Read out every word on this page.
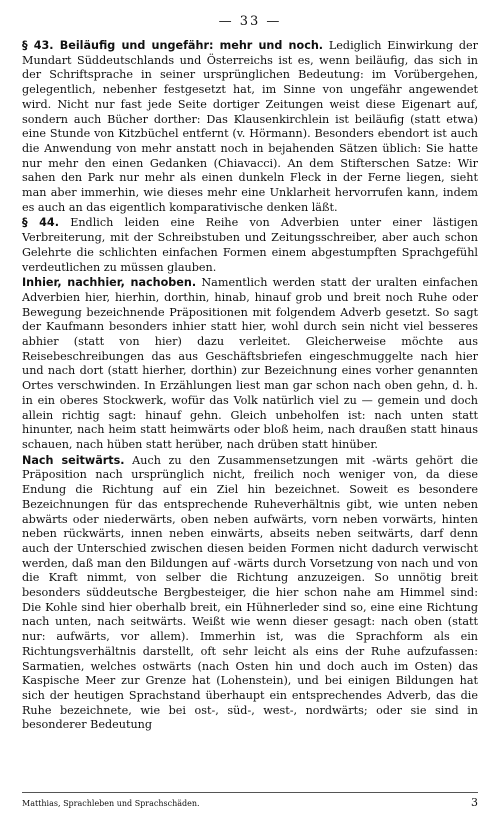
— 33 —

§ 43. Beiläufig und ungefähr: mehr und noch. Lediglich Einwirkung der Mundart Süddeutschlands und Österreichs ist es, wenn beiläufig, das sich in der Schriftsprache in seiner ursprünglichen Bedeutung: im Vorübergehen, gelegentlich, nebenher festgesetzt hat, im Sinne von ungefähr angewendet wird. Nicht nur fast jede Seite dortiger Zeitungen weist diese Eigenart auf, sondern auch Bücher dorther: Das Klausenkirchlein ist beiläufig (statt etwa) eine Stunde von Kitzbüchel entfernt (v. Hörmann). Besonders ebendort ist auch die Anwendung von mehr anstatt noch in bejahenden Sätzen üblich: Sie hatte nur mehr den einen Gedanken (Chiavacci). An dem Stifterschen Satze: Wir sahen den Park nur mehr als einen dunkeln Fleck in der Ferne liegen, sieht man aber immerhin, wie dieses mehr eine Unklarheit hervorrufen kann, indem es auch an das eigentlich komparativische denken läßt.

§ 44. Endlich leiden eine Reihe von Adverbien unter einer lästigen Verbreiterung, mit der Schreibstuben und Zeitungsschreiber, aber auch schon Gelehrte die schlichten einfachen Formen einem abgestumpften Sprachgefühl verdeutlichen zu müssen glauben.

Inhier, nachhier, nachoben. Namentlich werden statt der uralten einfachen Adverbien hier, hierhin, dorthin, hinab, hinauf grob und breit noch Ruhe oder Bewegung bezeichnende Präpositionen mit folgendem Adverb gesetzt. So sagt der Kaufmann besonders inhier statt hier, wohl durch sein nicht viel besseres abhier (statt von hier) dazu verleitet. Gleicherweise möchte aus Reisebeschreibungen das aus Geschäftsbriefen eingeschmuggelte nach hier und nach dort (statt hierher, dorthin) zur Bezeichnung eines vorher genannten Ortes verschwinden. In Erzählungen liest man gar schon nach oben gehn, d. h. in ein oberes Stockwerk, wofür das Volk natürlich viel zu — gemein und doch allein richtig sagt: hinauf gehn. Gleich unbeholfen ist: nach unten statt hinunter, nach heim statt heimwärts oder bloß heim, nach draußen statt hinaus schauen, nach hüben statt herüber, nach drüben statt hinüber.

Nach seitwärts. Auch zu den Zusammensetzungen mit -wärts gehört die Präposition nach ursprünglich nicht, freilich noch weniger von, da diese Endung die Richtung auf ein Ziel hin bezeichnet. Soweit es besondere Bezeichnungen für das entsprechende Ruheverhältnis gibt, wie unten neben abwärts oder niederwärts, oben neben aufwärts, vorn neben vorwärts, hinten neben rückwärts, innen neben einwärts, abseits neben seitwärts, darf denn auch der Unterschied zwischen diesen beiden Formen nicht dadurch verwischt werden, daß man den Bildungen auf -wärts durch Vorsetzung von nach und von die Kraft nimmt, von selber die Richtung anzuzeigen. So unnötig breit besonders süddeutsche Bergbesteiger, die hier schon nahe am Himmel sind: Die Kohle sind hier oberhalb breit, ein Hühnerleder sind so, eine eine Richtung nach unten, nach seitwärts. Weißt wie wenn dieser gesagt: nach oben (statt nur: aufwärts, vor allem). Immerhin ist, was die Sprachform als ein Richtungsverhältnis darstellt, oft sehr leicht als eins der Ruhe aufzufassen: Sarmatien, welches ostwärts (nach Osten hin und doch auch im Osten) das Kaspische Meer zur Grenze hat (Lohenstein), und bei einigen Bildungen hat sich der heutigen Sprachstand überhaupt ein entsprechendes Adverb, das die Ruhe bezeichnete, wie bei ost-, süd-, west-, nordwärts; oder sie sind in besonderer Bedeutung

Matthias, Sprachleben und Sprachschäden.	3
